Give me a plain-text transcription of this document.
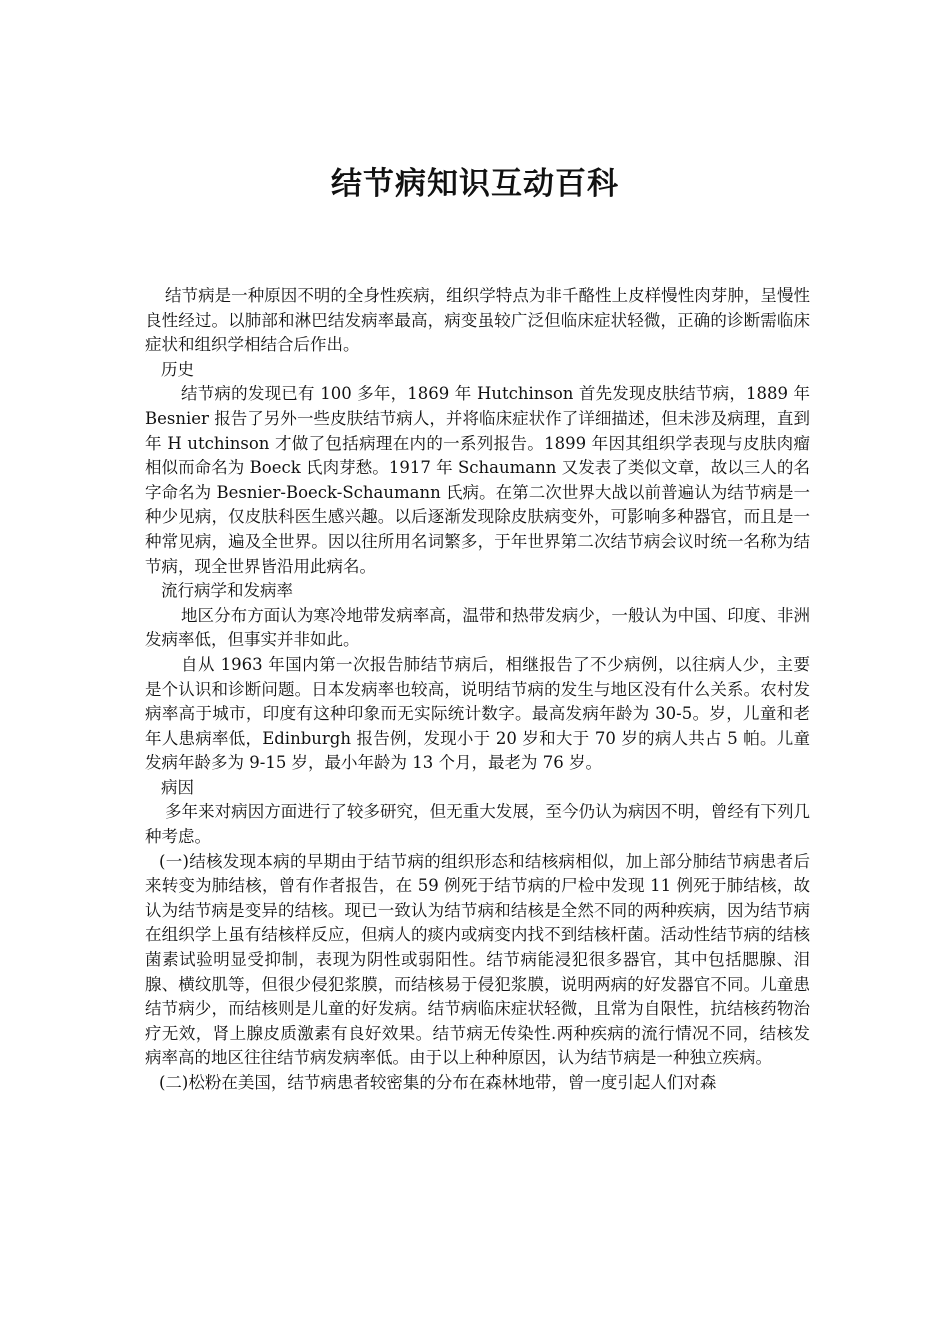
结节病知识互动百科

结节病是一种原因不明的全身性疾病，组织学特点为非千酪性上皮样慢性肉芽肿，呈慢性良性经过。以肺部和淋巴结发病率最高，病变虽较广泛但临床症状轻微，正确的诊断需临床症状和组织学相结合后作出。

历史

结节病的发现已有 100 多年，1869 年 Hutchinson 首先发现皮肤结节病，1889 年 Besnier 报告了另外一些皮肤结节病人，并将临床症状作了详细描述，但未涉及病理，直到年 H utchinson 才做了包括病理在内的一系列报告。1899 年因其组织学表现与皮肤肉瘤相似而命名为 Boeck 氏肉芽愁。1917 年 Schaumann 又发表了类似文章，故以三人的名字命名为 Besnier-Boeck-Schaumann 氏病。在第二次世界大战以前普遍认为结节病是一种少见病，仅皮肤科医生感兴趣。以后逐渐发现除皮肤病变外，可影响多种器官，而且是一种常见病，遍及全世界。因以往所用名词繁多，于年世界第二次结节病会议时统一名称为结节病，现全世界皆沿用此病名。

流行病学和发病率

地区分布方面认为寒冷地带发病率高，温带和热带发病少，一般认为中国、印度、非洲发病率低，但事实并非如此。

自从 1963 年国内第一次报告肺结节病后，相继报告了不少病例，以往病人少，主要是个认识和诊断问题。日本发病率也较高，说明结节病的发生与地区没有什么关系。农村发病率高于城市，印度有这种印象而无实际统计数字。最高发病年龄为 30-5。岁，儿童和老年人患病率低，Edinburgh 报告例，发现小于 20 岁和大于 70 岁的病人共占 5 帕。儿童发病年龄多为 9-15 岁，最小年龄为 13 个月，最老为 76 岁。

病因

多年来对病因方面进行了较多研究，但无重大发展，至今仍认为病因不明，曾经有下列几种考虑。

(一)结核发现本病的早期由于结节病的组织形态和结核病相似，加上部分肺结节病患者后来转变为肺结核，曾有作者报告，在 59 例死于结节病的尸检中发现 11 例死于肺结核，故认为结节病是变异的结核。现已一致认为结节病和结核是全然不同的两种疾病，因为结节病在组织学上虽有结核样反应，但病人的痰内或病变内找不到结核杆菌。活动性结节病的结核菌素试验明显受抑制，表现为阴性或弱阳性。结节病能浸犯很多器官，其中包括腮腺、泪腺、横纹肌等，但很少侵犯浆膜，而结核易于侵犯浆膜，说明两病的好发器官不同。儿童患结节病少，而结核则是儿童的好发病。结节病临床症状轻微，且常为自限性，抗结核药物治疗无效，肾上腺皮质激素有良好效果。结节病无传染性.两种疾病的流行情况不同，结核发病率高的地区往往结节病发病率低。由于以上种种原因，认为结节病是一种独立疾病。

(二)松粉在美国，结节病患者较密集的分布在森林地带，曾一度引起人们对森
